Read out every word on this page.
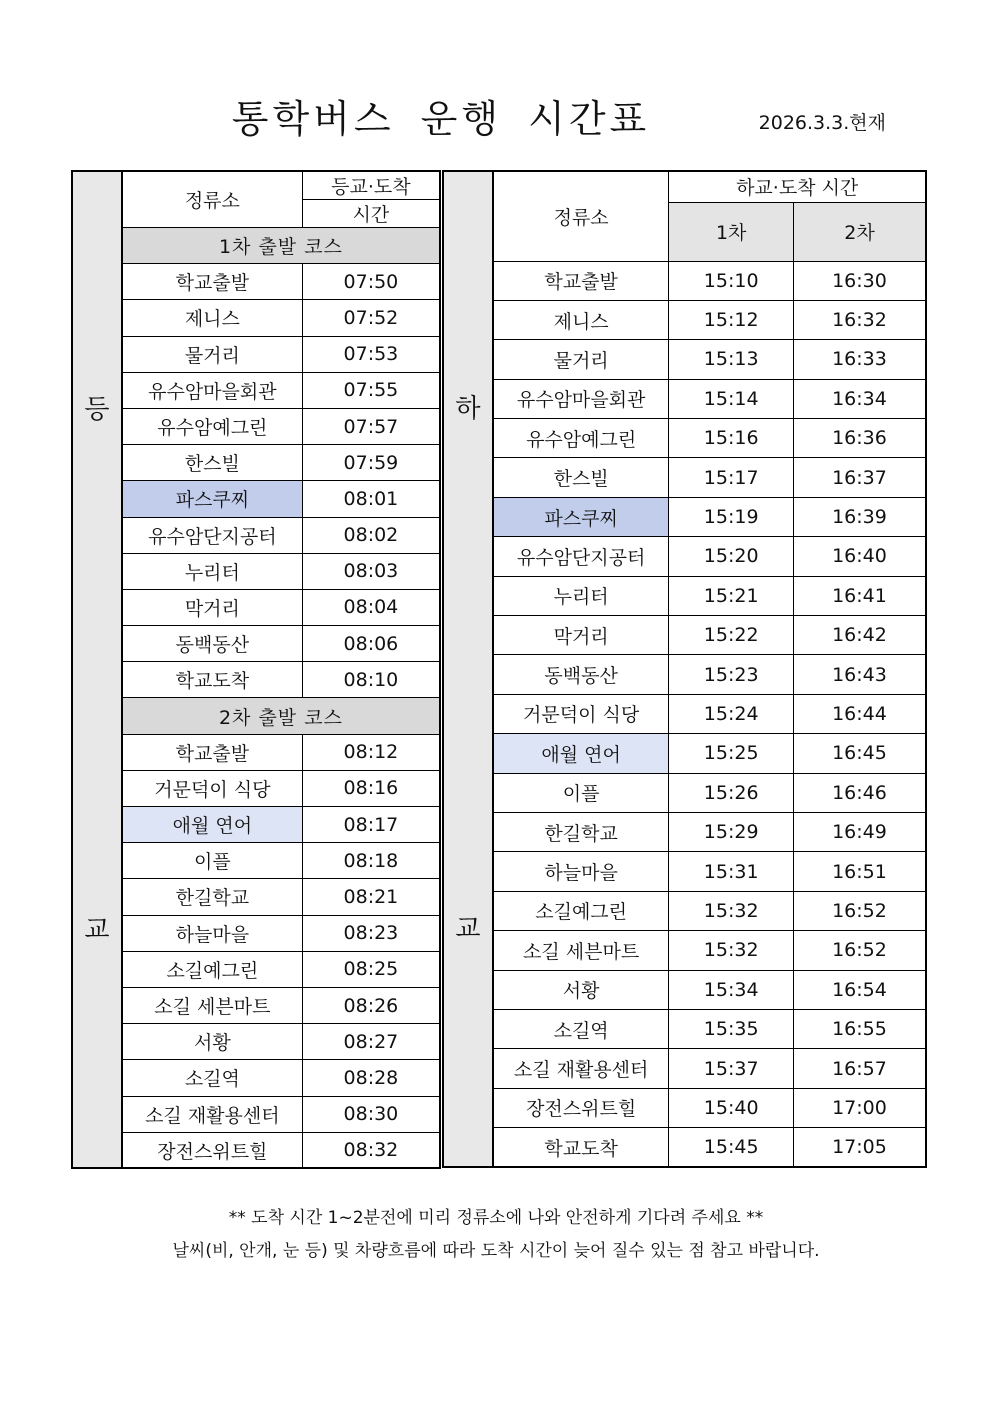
통학버스 운행 시간표	2026.3.3.현재
등
교	정류소	등교·도착
		시간
	1차 출발 코스	
	학교출발	07:50
	제니스	07:52
	물거리	07:53
	유수암마을회관	07:55
	유수암예그린	07:57
	한스빌	07:59
	파스쿠찌	08:01
	유수암단지공터	08:02
	누리터	08:03
	막거리	08:04
	동백동산	08:06
	학교도착	08:10
	2차 출발 코스	
	학교출발	08:12
	거문덕이 식당	08:16
	애월 연어	08:17
	이플	08:18
	한길학교	08:21
	하늘마을	08:23
	소길예그린	08:25
	소길 세븐마트	08:26
	서황	08:27
	소길역	08:28
	소길 재활용센터	08:30
	장전스위트힐	08:32
하
교	정류소	하교·도착 시간	
		1차	2차
	학교출발	15:10	16:30
	제니스	15:12	16:32
	물거리	15:13	16:33
	유수암마을회관	15:14	16:34
	유수암예그린	15:16	16:36
	한스빌	15:17	16:37
	파스쿠찌	15:19	16:39
	유수암단지공터	15:20	16:40
	누리터	15:21	16:41
	막거리	15:22	16:42
	동백동산	15:23	16:43
	거문덕이 식당	15:24	16:44
	애월 연어	15:25	16:45
	이플	15:26	16:46
	한길학교	15:29	16:49
	하늘마을	15:31	16:51
	소길예그린	15:32	16:52
	소길 세븐마트	15:32	16:52
	서황	15:34	16:54
	소길역	15:35	16:55
	소길 재활용센터	15:37	16:57
	장전스위트힐	15:40	17:00
	학교도착	15:45	17:05
** 도착 시간 1~2분전에 미리 정류소에 나와 안전하게 기다려 주세요 **
날씨(비, 안개, 눈 등) 및 차량흐름에 따라 도착 시간이 늦어 질수 있는 점 참고 바랍니다.
